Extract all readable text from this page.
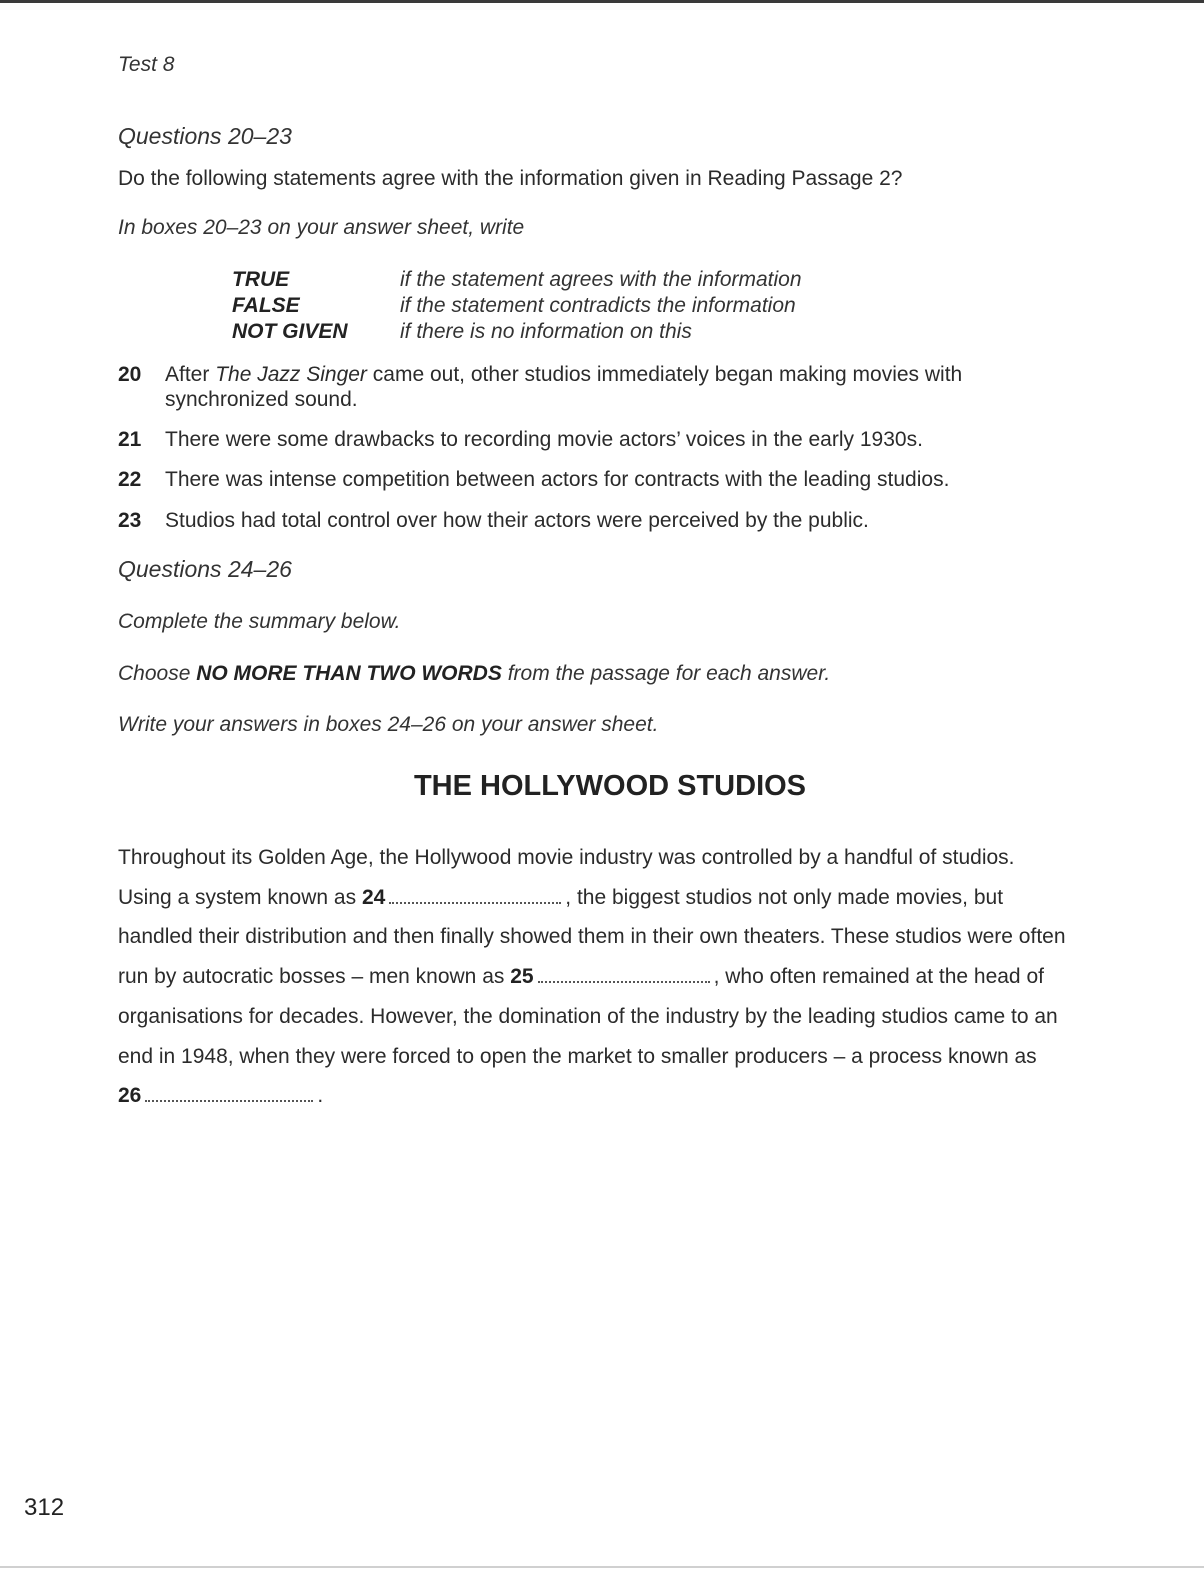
Test 8
Questions 20–23
Do the following statements agree with the information given in Reading Passage 2?
In boxes 20–23 on your answer sheet, write
TRUE	if the statement agrees with the information
FALSE	if the statement contradicts the information
NOT GIVEN	if there is no information on this
20	After The Jazz Singer came out, other studios immediately began making movies with synchronized sound.
21	There were some drawbacks to recording movie actors’ voices in the early 1930s.
22	There was intense competition between actors for contracts with the leading studios.
23	Studios had total control over how their actors were perceived by the public.
Questions 24–26
Complete the summary below.
Choose NO MORE THAN TWO WORDS from the passage for each answer.
Write your answers in boxes 24–26 on your answer sheet.
THE HOLLYWOOD STUDIOS
Throughout its Golden Age, the Hollywood movie industry was controlled by a handful of studios.
Using a system known as 24	, the biggest studios not only made movies, but
handled their distribution and then finally showed them in their own theaters. These studios were often
run by autocratic bosses – men known as 25	, who often remained at the head of
organisations for decades. However, the domination of the industry by the leading studios came to an
end in 1948, when they were forced to open the market to smaller producers – a process known as
26	.
312
